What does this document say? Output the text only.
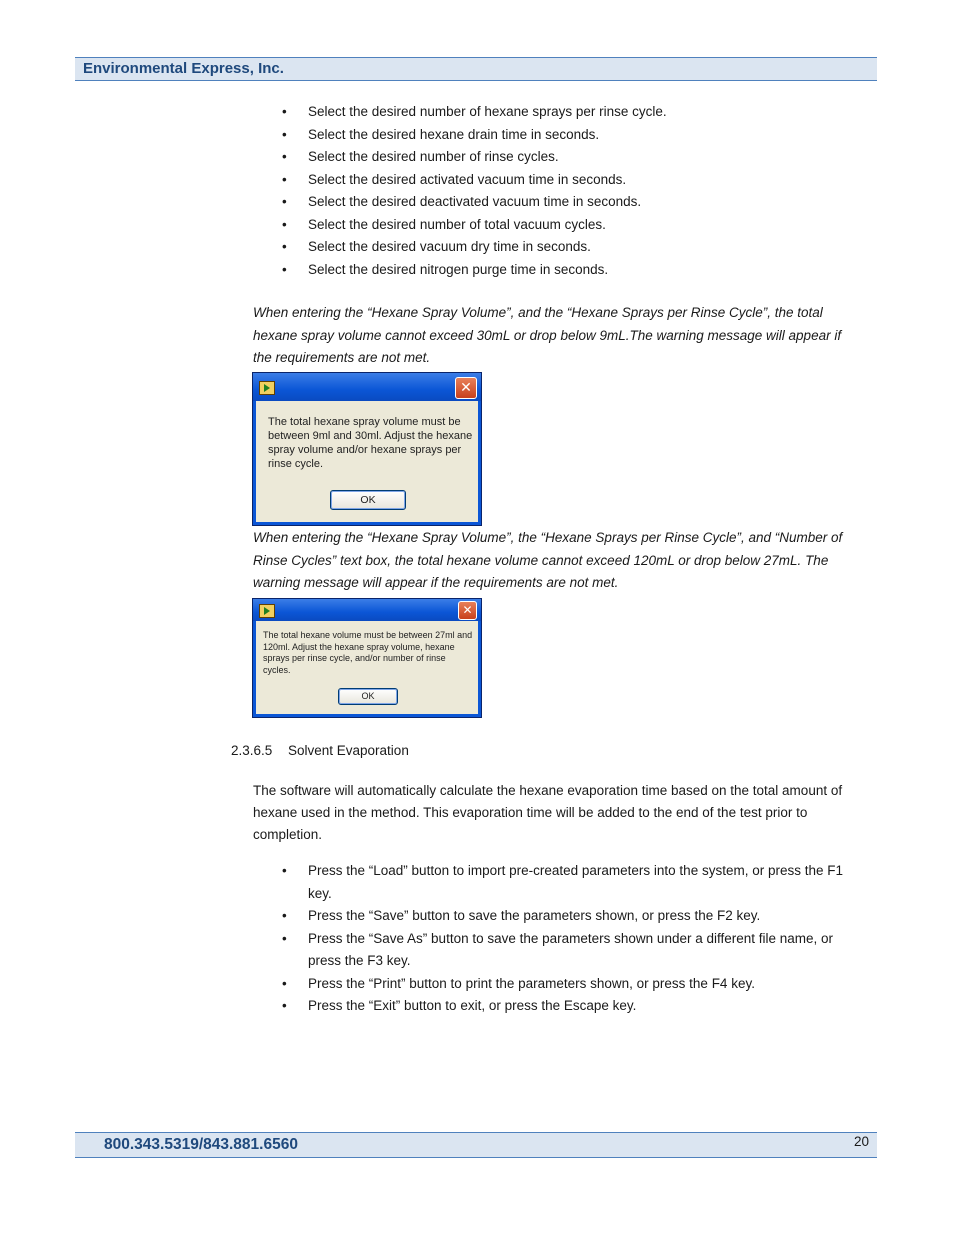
Environmental Express, Inc.
• Select the desired number of hexane sprays per rinse cycle.
• Select the desired hexane drain time in seconds.
• Select the desired number of rinse cycles.
• Select the desired activated vacuum time in seconds.
• Select the desired deactivated vacuum time in seconds.
• Select the desired number of total vacuum cycles.
• Select the desired vacuum dry time in seconds.
• Select the desired nitrogen purge time in seconds.

When entering the “Hexane Spray Volume”, and the “Hexane Sprays per Rinse Cycle”, the total hexane spray volume cannot exceed 30mL or drop below 9mL.The warning message will appear if the requirements are not met.

✕
The total hexane spray volume must be between 9ml and 30ml. Adjust the hexane spray volume and/or hexane sprays per rinse cycle.
OK

When entering the “Hexane Spray Volume”, the “Hexane Sprays per Rinse Cycle”, and “Number of Rinse Cycles” text box, the total hexane volume cannot exceed 120mL or drop below 27mL. The warning message will appear if the requirements are not met.

✕
The total hexane volume must be between 27ml and 120ml. Adjust the hexane spray volume, hexane sprays per rinse cycle, and/or number of rinse cycles.
OK
2.3.6.5 Solvent Evaporation

The software will automatically calculate the hexane evaporation time based on the total amount of hexane used in the method. This evaporation time will be added to the end of the test prior to completion.

• Press the “Load” button to import pre-created parameters into the system, or press the F1 key.
• Press the “Save” button to save the parameters shown, or press the F2 key.
• Press the “Save As” button to save the parameters shown under a different file name, or press the F3 key.
• Press the “Print” button to print the parameters shown, or press the F4 key.
• Press the “Exit” button to exit, or press the Escape key.
800.343.5319/843.881.6560	20
